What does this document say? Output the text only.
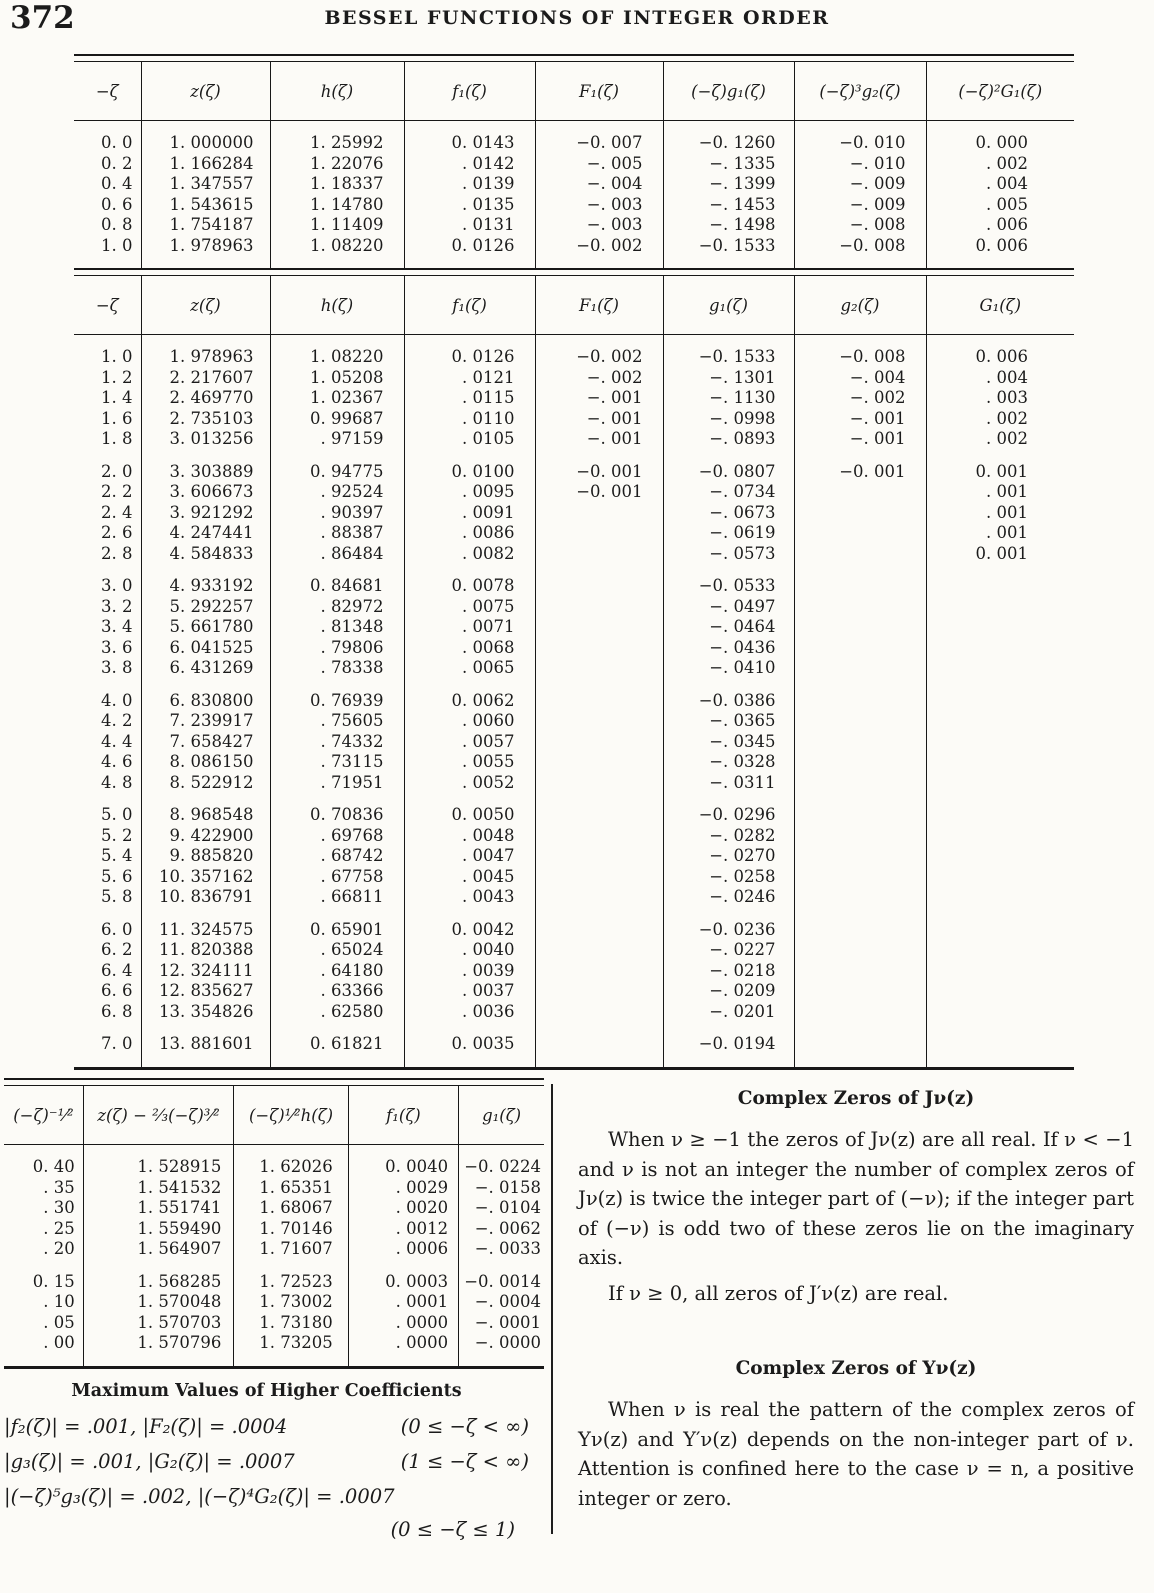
372	BESSEL FUNCTIONS OF INTEGER ORDER
−ζ	z(ζ)	h(ζ)	f₁(ζ)	F₁(ζ)	(−ζ)g₁(ζ)	(−ζ)³g₂(ζ)	(−ζ)²G₁(ζ)
0. 0	1. 000000	1. 25992	0. 0143	−0. 007	−0. 1260	−0. 010	0. 000
0. 2	1. 166284	1. 22076	. 0142	−. 005	−. 1335	−. 010	. 002
0. 4	1. 347557	1. 18337	. 0139	−. 004	−. 1399	−. 009	. 004
0. 6	1. 543615	1. 14780	. 0135	−. 003	−. 1453	−. 009	. 005
0. 8	1. 754187	1. 11409	. 0131	−. 003	−. 1498	−. 008	. 006
1. 0	1. 978963	1. 08220	0. 0126	−0. 002	−0. 1533	−0. 008	0. 006
−ζ	z(ζ)	h(ζ)	f₁(ζ)	F₁(ζ)	g₁(ζ)	g₂(ζ)	G₁(ζ)
1. 0	1. 978963	1. 08220	0. 0126	−0. 002	−0. 1533	−0. 008	0. 006
1. 2	2. 217607	1. 05208	. 0121	−. 002	−. 1301	−. 004	. 004
1. 4	2. 469770	1. 02367	. 0115	−. 001	−. 1130	−. 002	. 003
1. 6	2. 735103	0. 99687	. 0110	−. 001	−. 0998	−. 001	. 002
1. 8	3. 013256	. 97159	. 0105	−. 001	−. 0893	−. 001	. 002
2. 0	3. 303889	0. 94775	0. 0100	−0. 001	−0. 0807	−0. 001	0. 001
2. 2	3. 606673	. 92524	. 0095	−0. 001	−. 0734		. 001
2. 4	3. 921292	. 90397	. 0091		−. 0673		. 001
2. 6	4. 247441	. 88387	. 0086		−. 0619		. 001
2. 8	4. 584833	. 86484	. 0082		−. 0573		0. 001
3. 0	4. 933192	0. 84681	0. 0078		−0. 0533		
3. 2	5. 292257	. 82972	. 0075		−. 0497		
3. 4	5. 661780	. 81348	. 0071		−. 0464		
3. 6	6. 041525	. 79806	. 0068		−. 0436		
3. 8	6. 431269	. 78338	. 0065		−. 0410		
4. 0	6. 830800	0. 76939	0. 0062		−0. 0386		
4. 2	7. 239917	. 75605	. 0060		−. 0365		
4. 4	7. 658427	. 74332	. 0057		−. 0345		
4. 6	8. 086150	. 73115	. 0055		−. 0328		
4. 8	8. 522912	. 71951	. 0052		−. 0311		
5. 0	8. 968548	0. 70836	0. 0050		−0. 0296		
5. 2	9. 422900	. 69768	. 0048		−. 0282		
5. 4	9. 885820	. 68742	. 0047		−. 0270		
5. 6	10. 357162	. 67758	. 0045		−. 0258		
5. 8	10. 836791	. 66811	. 0043		−. 0246		
6. 0	11. 324575	0. 65901	0. 0042		−0. 0236		
6. 2	11. 820388	. 65024	. 0040		−. 0227		
6. 4	12. 324111	. 64180	. 0039		−. 0218		
6. 6	12. 835627	. 63366	. 0037		−. 0209		
6. 8	13. 354826	. 62580	. 0036		−. 0201		
7. 0	13. 881601	0. 61821	0. 0035		−0. 0194		
(−ζ)⁻¹⁄²	z(ζ) − ²⁄₃(−ζ)³⁄²	(−ζ)¹⁄²h(ζ)	f₁(ζ)	g₁(ζ)
0. 40	1. 528915	1. 62026	0. 0040	−0. 0224
. 35	1. 541532	1. 65351	. 0029	−. 0158
. 30	1. 551741	1. 68067	. 0020	−. 0104
. 25	1. 559490	1. 70146	. 0012	−. 0062
. 20	1. 564907	1. 71607	. 0006	−. 0033
0. 15	1. 568285	1. 72523	0. 0003	−0. 0014
. 10	1. 570048	1. 73002	. 0001	−. 0004
. 05	1. 570703	1. 73180	. 0000	−. 0001
. 00	1. 570796	1. 73205	. 0000	−. 0000
Maximum Values of Higher Coefficients
|f₂(ζ)| = .001, |F₂(ζ)| = .0004	(0 ≤ −ζ < ∞)
|g₃(ζ)| = .001, |G₂(ζ)| = .0007	(1 ≤ −ζ < ∞)
|(−ζ)⁵g₃(ζ)| = .002, |(−ζ)⁴G₂(ζ)| = .0007
(0 ≤ −ζ ≤ 1)
Complex Zeros of Jν(z)

When ν ≥ −1 the zeros of Jν(z) are all real. If ν < −1 and ν is not an integer the number of complex zeros of Jν(z) is twice the integer part of (−ν); if the integer part of (−ν) is odd two of these zeros lie on the imaginary axis.

If ν ≥ 0, all zeros of J′ν(z) are real.

Complex Zeros of Yν(z)

When ν is real the pattern of the complex zeros of Yν(z) and Y′ν(z) depends on the non-integer part of ν. Attention is confined here to the case ν = n, a positive integer or zero.
